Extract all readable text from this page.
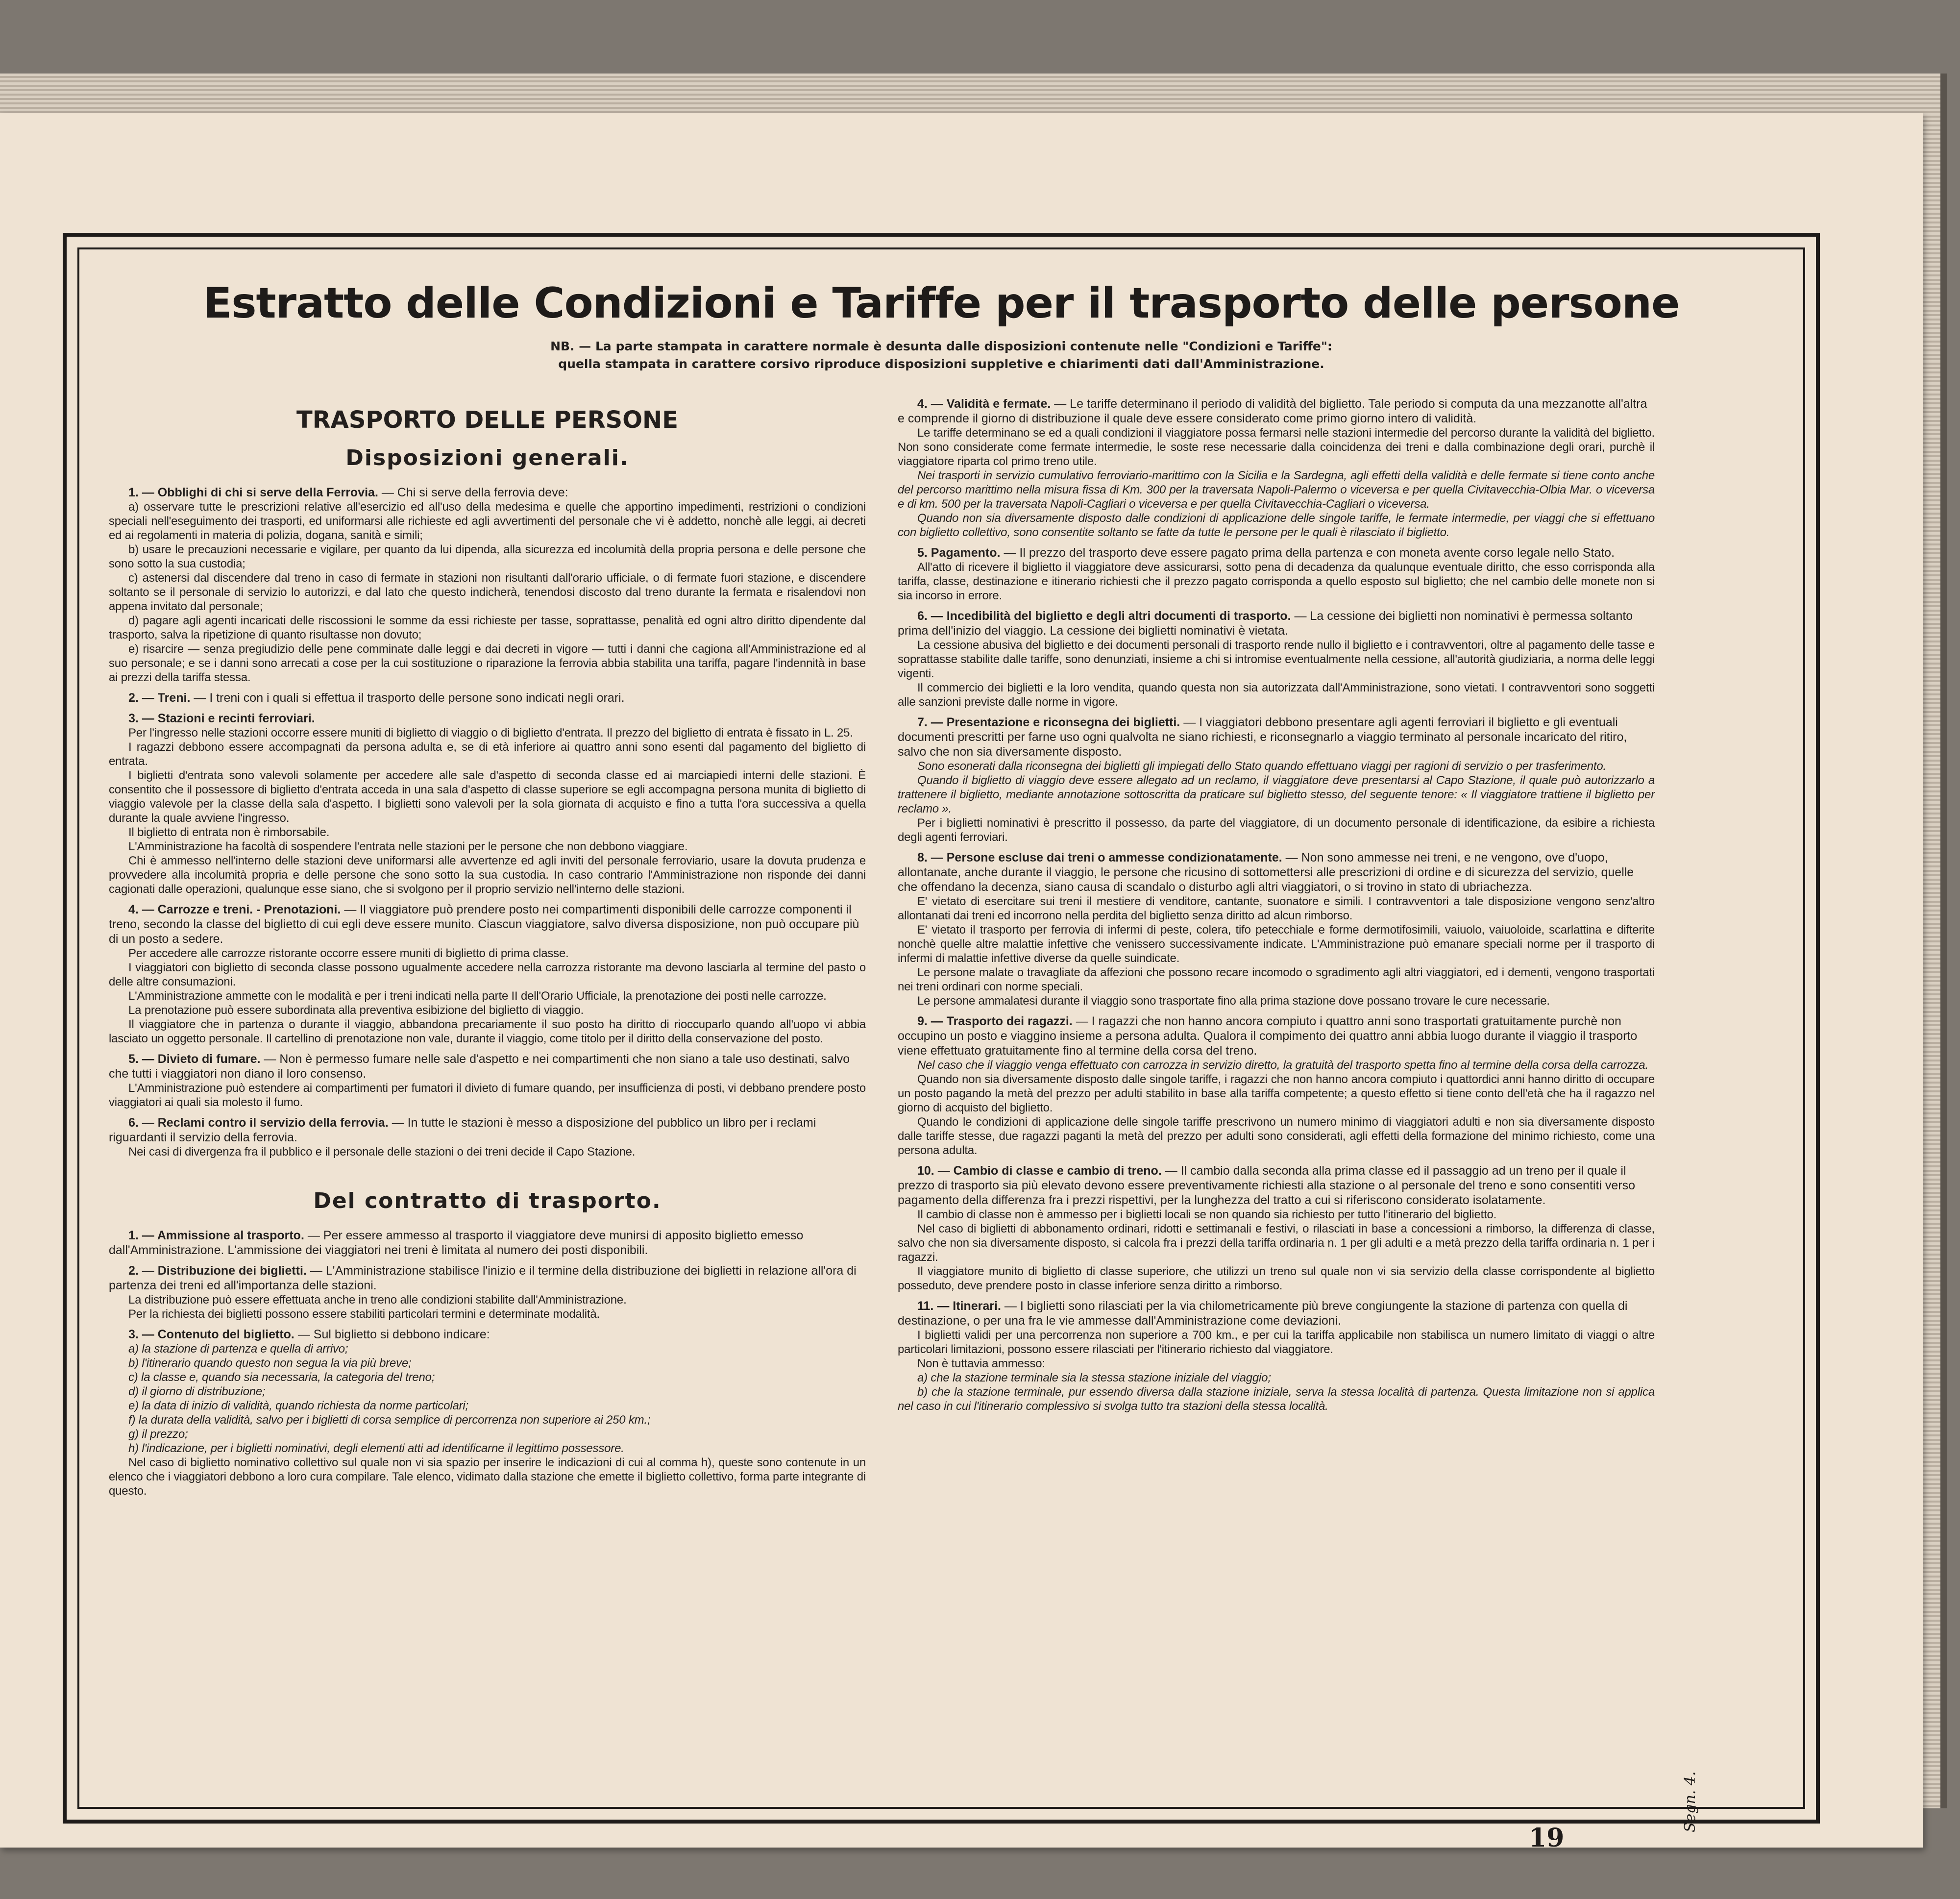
Estratto delle Condizioni e Tariffe per il trasporto delle persone
NB. — La parte stampata in carattere normale è desunta dalle disposizioni contenute nelle "Condizioni e Tariffe":
quella stampata in carattere corsivo riproduce disposizioni suppletive e chiarimenti dati dall'Amministrazione.
TRASPORTO DELLE PERSONE
Disposizioni generali.

1. — Obblighi di chi si serve della Ferrovia. — Chi si serve della ferrovia deve:

a) osservare tutte le prescrizioni relative all'esercizio ed all'uso della medesima e quelle che apportino impedimenti, restrizioni o condizioni speciali nell'eseguimento dei trasporti, ed uniformarsi alle richieste ed agli avvertimenti del personale che vi è addetto, nonchè alle leggi, ai decreti ed ai regolamenti in materia di polizia, dogana, sanità e simili;

b) usare le precauzioni necessarie e vigilare, per quanto da lui dipenda, alla sicurezza ed incolumità della propria persona e delle persone che sono sotto la sua custodia;

c) astenersi dal discendere dal treno in caso di fermate in stazioni non risultanti dall'orario ufficiale, o di fermate fuori stazione, e discendere soltanto se il personale di servizio lo autorizzi, e dal lato che questo indicherà, tenendosi discosto dal treno durante la fermata e risalendovi non appena invitato dal personale;

d) pagare agli agenti incaricati delle riscossioni le somme da essi richieste per tasse, soprattasse, penalità ed ogni altro diritto dipendente dal trasporto, salva la ripetizione di quanto risultasse non dovuto;

e) risarcire — senza pregiudizio delle pene comminate dalle leggi e dai decreti in vigore — tutti i danni che cagiona all'Amministrazione ed al suo personale; e se i danni sono arrecati a cose per la cui sostituzione o riparazione la ferrovia abbia stabilita una tariffa, pagare l'indennità in base ai prezzi della tariffa stessa.

2. — Treni. — I treni con i quali si effettua il trasporto delle persone sono indicati negli orari.

3. — Stazioni e recinti ferroviari.

Per l'ingresso nelle stazioni occorre essere muniti di biglietto di viaggio o di biglietto d'entrata. Il prezzo del biglietto di entrata è fissato in L. 25.

I ragazzi debbono essere accompagnati da persona adulta e, se di età inferiore ai quattro anni sono esenti dal pagamento del biglietto di entrata.

I biglietti d'entrata sono valevoli solamente per accedere alle sale d'aspetto di seconda classe ed ai marciapiedi interni delle stazioni. È consentito che il possessore di biglietto d'entrata acceda in una sala d'aspetto di classe superiore se egli accompagna persona munita di biglietto di viaggio valevole per la classe della sala d'aspetto. I biglietti sono valevoli per la sola giornata di acquisto e fino a tutta l'ora successiva a quella durante la quale avviene l'ingresso.

Il biglietto di entrata non è rimborsabile.

L'Amministrazione ha facoltà di sospendere l'entrata nelle stazioni per le persone che non debbono viaggiare.

Chi è ammesso nell'interno delle stazioni deve uniformarsi alle avvertenze ed agli inviti del personale ferroviario, usare la dovuta prudenza e provvedere alla incolumità propria e delle persone che sono sotto la sua custodia. In caso contrario l'Amministrazione non risponde dei danni cagionati dalle operazioni, qualunque esse siano, che si svolgono per il proprio servizio nell'interno delle stazioni.

4. — Carrozze e treni. - Prenotazioni. — Il viaggiatore può prendere posto nei compartimenti disponibili delle carrozze componenti il treno, secondo la classe del biglietto di cui egli deve essere munito. Ciascun viaggiatore, salvo diversa disposizione, non può occupare più di un posto a sedere.

Per accedere alle carrozze ristorante occorre essere muniti di biglietto di prima classe.

I viaggiatori con biglietto di seconda classe possono ugualmente accedere nella carrozza ristorante ma devono lasciarla al termine del pasto o delle altre consumazioni.

L'Amministrazione ammette con le modalità e per i treni indicati nella parte II dell'Orario Ufficiale, la prenotazione dei posti nelle carrozze.

La prenotazione può essere subordinata alla preventiva esibizione del biglietto di viaggio.

Il viaggiatore che in partenza o durante il viaggio, abbandona precariamente il suo posto ha diritto di rioccuparlo quando all'uopo vi abbia lasciato un oggetto personale. Il cartellino di prenotazione non vale, durante il viaggio, come titolo per il diritto della conservazione del posto.

5. — Divieto di fumare. — Non è permesso fumare nelle sale d'aspetto e nei compartimenti che non siano a tale uso destinati, salvo che tutti i viaggiatori non diano il loro consenso.

L'Amministrazione può estendere ai compartimenti per fumatori il divieto di fumare quando, per insufficienza di posti, vi debbano prendere posto viaggiatori ai quali sia molesto il fumo.

6. — Reclami contro il servizio della ferrovia. — In tutte le stazioni è messo a disposizione del pubblico un libro per i reclami riguardanti il servizio della ferrovia.

Nei casi di divergenza fra il pubblico e il personale delle stazioni o dei treni decide il Capo Stazione.

Del contratto di trasporto.

1. — Ammissione al trasporto. — Per essere ammesso al trasporto il viaggiatore deve munirsi di apposito biglietto emesso dall'Amministrazione. L'ammissione dei viaggiatori nei treni è limitata al numero dei posti disponibili.

2. — Distribuzione dei biglietti. — L'Amministrazione stabilisce l'inizio e il termine della distribuzione dei biglietti in relazione all'ora di partenza dei treni ed all'importanza delle stazioni.

La distribuzione può essere effettuata anche in treno alle condizioni stabilite dall'Amministrazione.

Per la richiesta dei biglietti possono essere stabiliti particolari termini e determinate modalità.

3. — Contenuto del biglietto. — Sul biglietto si debbono indicare:

a) la stazione di partenza e quella di arrivo;

b) l'itinerario quando questo non segua la via più breve;

c) la classe e, quando sia necessaria, la categoria del treno;

d) il giorno di distribuzione;

e) la data di inizio di validità, quando richiesta da norme particolari;

f) la durata della validità, salvo per i biglietti di corsa semplice di percorrenza non superiore ai 250 km.;

g) il prezzo;

h) l'indicazione, per i biglietti nominativi, degli elementi atti ad identificarne il legittimo possessore.

Nel caso di biglietto nominativo collettivo sul quale non vi sia spazio per inserire le indicazioni di cui al comma h), queste sono contenute in un elenco che i viaggiatori debbono a loro cura compilare. Tale elenco, vidimato dalla stazione che emette il biglietto collettivo, forma parte integrante di questo.

4. — Validità e fermate. — Le tariffe determinano il periodo di validità del biglietto. Tale periodo si computa da una mezzanotte all'altra e comprende il giorno di distribuzione il quale deve essere considerato come primo giorno intero di validità.

Le tariffe determinano se ed a quali condizioni il viaggiatore possa fermarsi nelle stazioni intermedie del percorso durante la validità del biglietto. Non sono considerate come fermate intermedie, le soste rese necessarie dalla coincidenza dei treni e dalla combinazione degli orari, purchè il viaggiatore riparta col primo treno utile.

Nei trasporti in servizio cumulativo ferroviario-marittimo con la Sicilia e la Sardegna, agli effetti della validità e delle fermate si tiene conto anche del percorso marittimo nella misura fissa di Km. 300 per la traversata Napoli-Palermo o viceversa e per quella Civitavecchia-Olbia Mar. o viceversa e di km. 500 per la traversata Napoli-Cagliari o viceversa e per quella Civitavecchia-Cagliari o viceversa.

Quando non sia diversamente disposto dalle condizioni di applicazione delle singole tariffe, le fermate intermedie, per viaggi che si effettuano con biglietto collettivo, sono consentite soltanto se fatte da tutte le persone per le quali è rilasciato il biglietto.

5. Pagamento. — Il prezzo del trasporto deve essere pagato prima della partenza e con moneta avente corso legale nello Stato.

All'atto di ricevere il biglietto il viaggiatore deve assicurarsi, sotto pena di decadenza da qualunque eventuale diritto, che esso corrisponda alla tariffa, classe, destinazione e itinerario richiesti che il prezzo pagato corrisponda a quello esposto sul biglietto; che nel cambio delle monete non si sia incorso in errore.

6. — Incedibilità del biglietto e degli altri documenti di trasporto. — La cessione dei biglietti non nominativi è permessa soltanto prima dell'inizio del viaggio. La cessione dei biglietti nominativi è vietata.

La cessione abusiva del biglietto e dei documenti personali di trasporto rende nullo il biglietto e i contravventori, oltre al pagamento delle tasse e soprattasse stabilite dalle tariffe, sono denunziati, insieme a chi si intromise eventualmente nella cessione, all'autorità giudiziaria, a norma delle leggi vigenti.

Il commercio dei biglietti e la loro vendita, quando questa non sia autorizzata dall'Amministrazione, sono vietati. I contravventori sono soggetti alle sanzioni previste dalle norme in vigore.

7. — Presentazione e riconsegna dei biglietti. — I viaggiatori debbono presentare agli agenti ferroviari il biglietto e gli eventuali documenti prescritti per farne uso ogni qualvolta ne siano richiesti, e riconsegnarlo a viaggio terminato al personale incaricato del ritiro, salvo che non sia diversamente disposto.

Sono esonerati dalla riconsegna dei biglietti gli impiegati dello Stato quando effettuano viaggi per ragioni di servizio o per trasferimento.

Quando il biglietto di viaggio deve essere allegato ad un reclamo, il viaggiatore deve presentarsi al Capo Stazione, il quale può autorizzarlo a trattenere il biglietto, mediante annotazione sottoscritta da praticare sul biglietto stesso, del seguente tenore: « Il viaggiatore trattiene il biglietto per reclamo ».

Per i biglietti nominativi è prescritto il possesso, da parte del viaggiatore, di un documento personale di identificazione, da esibire a richiesta degli agenti ferroviari.

8. — Persone escluse dai treni o ammesse condizionatamente. — Non sono ammesse nei treni, e ne vengono, ove d'uopo, allontanate, anche durante il viaggio, le persone che ricusino di sottomettersi alle prescrizioni di ordine e di sicurezza del servizio, quelle che offendano la decenza, siano causa di scandalo o disturbo agli altri viaggiatori, o si trovino in stato di ubriachezza.

E' vietato di esercitare sui treni il mestiere di venditore, cantante, suonatore e simili. I contravventori a tale disposizione vengono senz'altro allontanati dai treni ed incorrono nella perdita del biglietto senza diritto ad alcun rimborso.

E' vietato il trasporto per ferrovia di infermi di peste, colera, tifo petecchiale e forme dermotifosimili, vaiuolo, vaiuoloide, scarlattina e difterite nonchè quelle altre malattie infettive che venissero successivamente indicate. L'Amministrazione può emanare speciali norme per il trasporto di infermi di malattie infettive diverse da quelle suindicate.

Le persone malate o travagliate da affezioni che possono recare incomodo o sgradimento agli altri viaggiatori, ed i dementi, vengono trasportati nei treni ordinari con norme speciali.

Le persone ammalatesi durante il viaggio sono trasportate fino alla prima stazione dove possano trovare le cure necessarie.

9. — Trasporto dei ragazzi. — I ragazzi che non hanno ancora compiuto i quattro anni sono trasportati gratuitamente purchè non occupino un posto e viaggino insieme a persona adulta. Qualora il compimento dei quattro anni abbia luogo durante il viaggio il trasporto viene effettuato gratuitamente fino al termine della corsa del treno.

Nel caso che il viaggio venga effettuato con carrozza in servizio diretto, la gratuità del trasporto spetta fino al termine della corsa della carrozza.

Quando non sia diversamente disposto dalle singole tariffe, i ragazzi che non hanno ancora compiuto i quattordici anni hanno diritto di occupare un posto pagando la metà del prezzo per adulti stabilito in base alla tariffa competente; a questo effetto si tiene conto dell'età che ha il ragazzo nel giorno di acquisto del biglietto.

Quando le condizioni di applicazione delle singole tariffe prescrivono un numero minimo di viaggiatori adulti e non sia diversamente disposto dalle tariffe stesse, due ragazzi paganti la metà del prezzo per adulti sono considerati, agli effetti della formazione del minimo richiesto, come una persona adulta.

10. — Cambio di classe e cambio di treno. — Il cambio dalla seconda alla prima classe ed il passaggio ad un treno per il quale il prezzo di trasporto sia più elevato devono essere preventivamente richiesti alla stazione o al personale del treno e sono consentiti verso pagamento della differenza fra i prezzi rispettivi, per la lunghezza del tratto a cui si riferiscono considerato isolatamente.

Il cambio di classe non è ammesso per i biglietti locali se non quando sia richiesto per tutto l'itinerario del biglietto.

Nel caso di biglietti di abbonamento ordinari, ridotti e settimanali e festivi, o rilasciati in base a concessioni a rimborso, la differenza di classe, salvo che non sia diversamente disposto, si calcola fra i prezzi della tariffa ordinaria n. 1 per gli adulti e a metà prezzo della tariffa ordinaria n. 1 per i ragazzi.

Il viaggiatore munito di biglietto di classe superiore, che utilizzi un treno sul quale non vi sia servizio della classe corrispondente al biglietto posseduto, deve prendere posto in classe inferiore senza diritto a rimborso.

11. — Itinerari. — I biglietti sono rilasciati per la via chilometricamente più breve congiungente la stazione di partenza con quella di destinazione, o per una fra le vie ammesse dall'Amministrazione come deviazioni.

I biglietti validi per una percorrenza non superiore a 700 km., e per cui la tariffa applicabile non stabilisca un numero limitato di viaggi o altre particolari limitazioni, possono essere rilasciati per l'itinerario richiesto dal viaggiatore.

Non è tuttavia ammesso:

a) che la stazione terminale sia la stessa stazione iniziale del viaggio;

b) che la stazione terminale, pur essendo diversa dalla stazione iniziale, serva la stessa località di partenza. Questa limitazione non si applica nel caso in cui l'itinerario complessivo si svolga tutto tra stazioni della stessa località.

Segn. 4.
19
